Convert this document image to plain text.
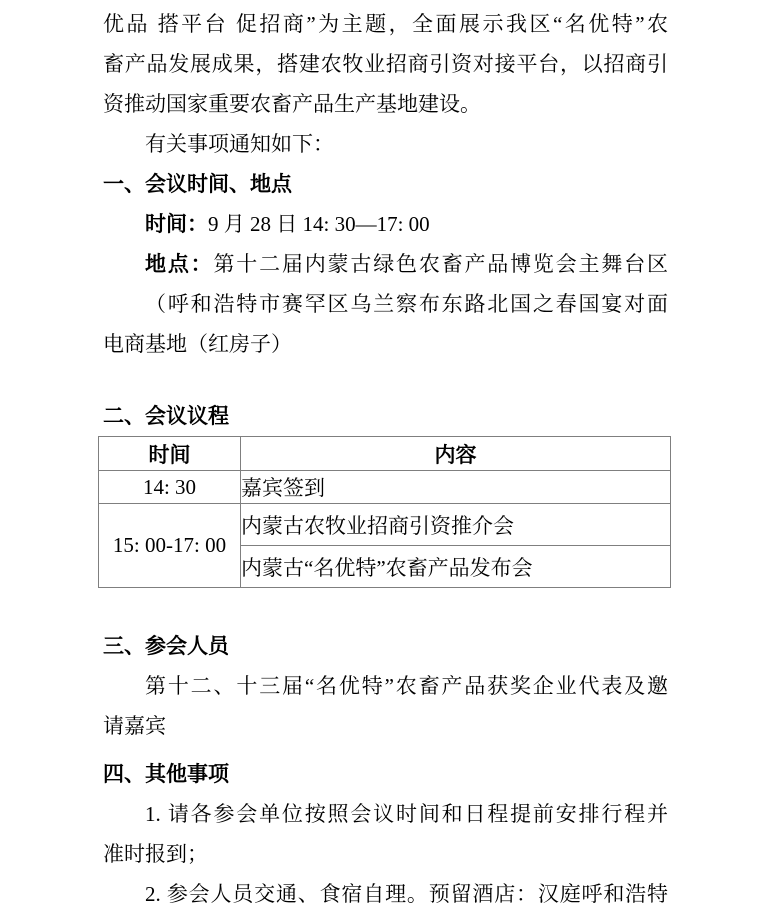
优品 搭平台 促招商”为主题，全面展示我区“名优特”农
畜产品发展成果，搭建农牧业招商引资对接平台，以招商引
资推动国家重要农畜产品生产基地建设。
有关事项通知如下：
一、会议时间、地点
时间：9 月 28 日 14: 30—17: 00
地点：第十二届内蒙古绿色农畜产品博览会主舞台区
（呼和浩特市赛罕区乌兰察布东路北国之春国宴对面
电商基地（红房子）
二、会议议程
时间	内容
14: 30	嘉宾签到
15: 00-17: 00	内蒙古农牧业招商引资推介会
	内蒙古“名优特”农畜产品发布会
三、参会人员
第十二、十三届“名优特”农畜产品获奖企业代表及邀
请嘉宾
四、其他事项
1. 请各参会单位按照会议时间和日程提前安排行程并
准时报到；
2. 参会人员交通、食宿自理。预留酒店：汉庭呼和浩特
